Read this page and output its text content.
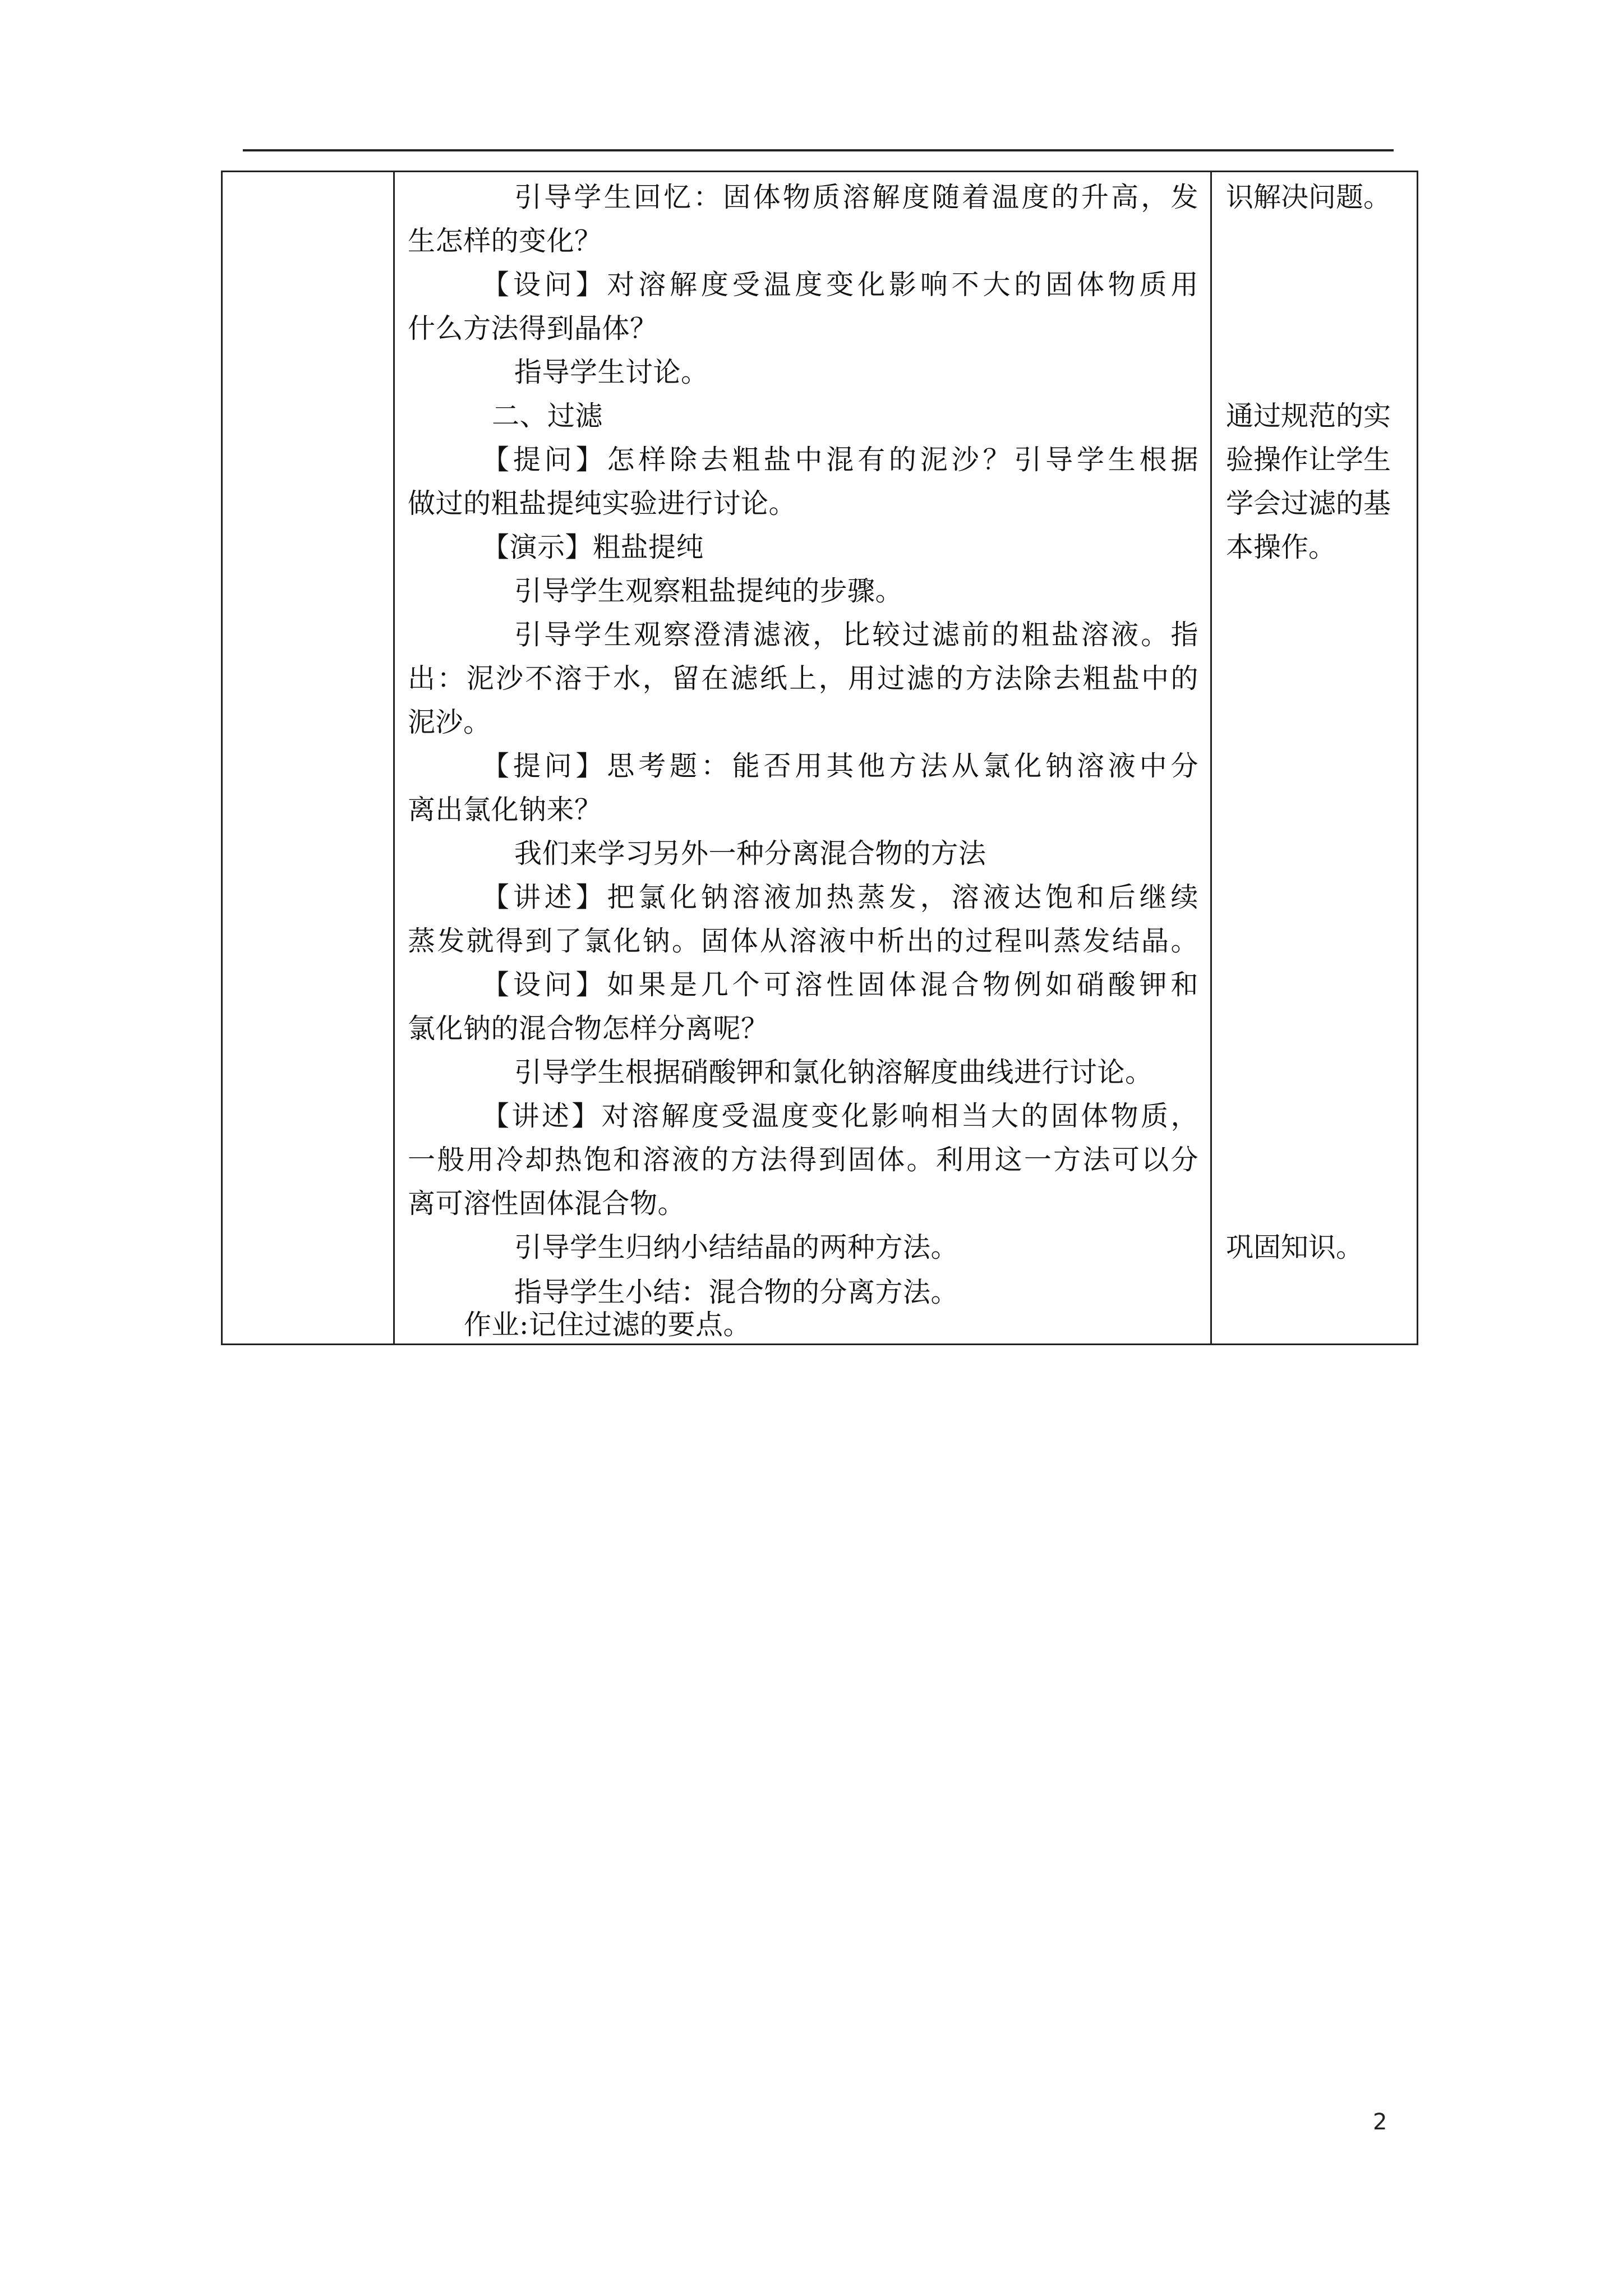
引导学生回忆：固体物质溶解度随着温度的升高，发
生怎样的变化？
【设问】对溶解度受温度变化影响不大的固体物质用
什么方法得到晶体？
指导学生讨论。
二、过滤
【提问】怎样除去粗盐中混有的泥沙？引导学生根据
做过的粗盐提纯实验进行讨论。
【演示】粗盐提纯
引导学生观察粗盐提纯的步骤。
引导学生观察澄清滤液，比较过滤前的粗盐溶液。指
出：泥沙不溶于水，留在滤纸上，用过滤的方法除去粗盐中的
泥沙。
【提问】思考题：能否用其他方法从氯化钠溶液中分
离出氯化钠来？
我们来学习另外一种分离混合物的方法
【讲述】把氯化钠溶液加热蒸发，溶液达饱和后继续
蒸发就得到了氯化钠。固体从溶液中析出的过程叫蒸发结晶。
【设问】如果是几个可溶性固体混合物例如硝酸钾和
氯化钠的混合物怎样分离呢？
引导学生根据硝酸钾和氯化钠溶解度曲线进行讨论。
【讲述】对溶解度受温度变化影响相当大的固体物质，
一般用冷却热饱和溶液的方法得到固体。利用这一方法可以分
离可溶性固体混合物。
引导学生归纳小结结晶的两种方法。
指导学生小结：混合物的分离方法。
作业:记住过滤的要点。
识解决问题。
通过规范的实
验操作让学生
学会过滤的基
本操作。
巩固知识。
2
